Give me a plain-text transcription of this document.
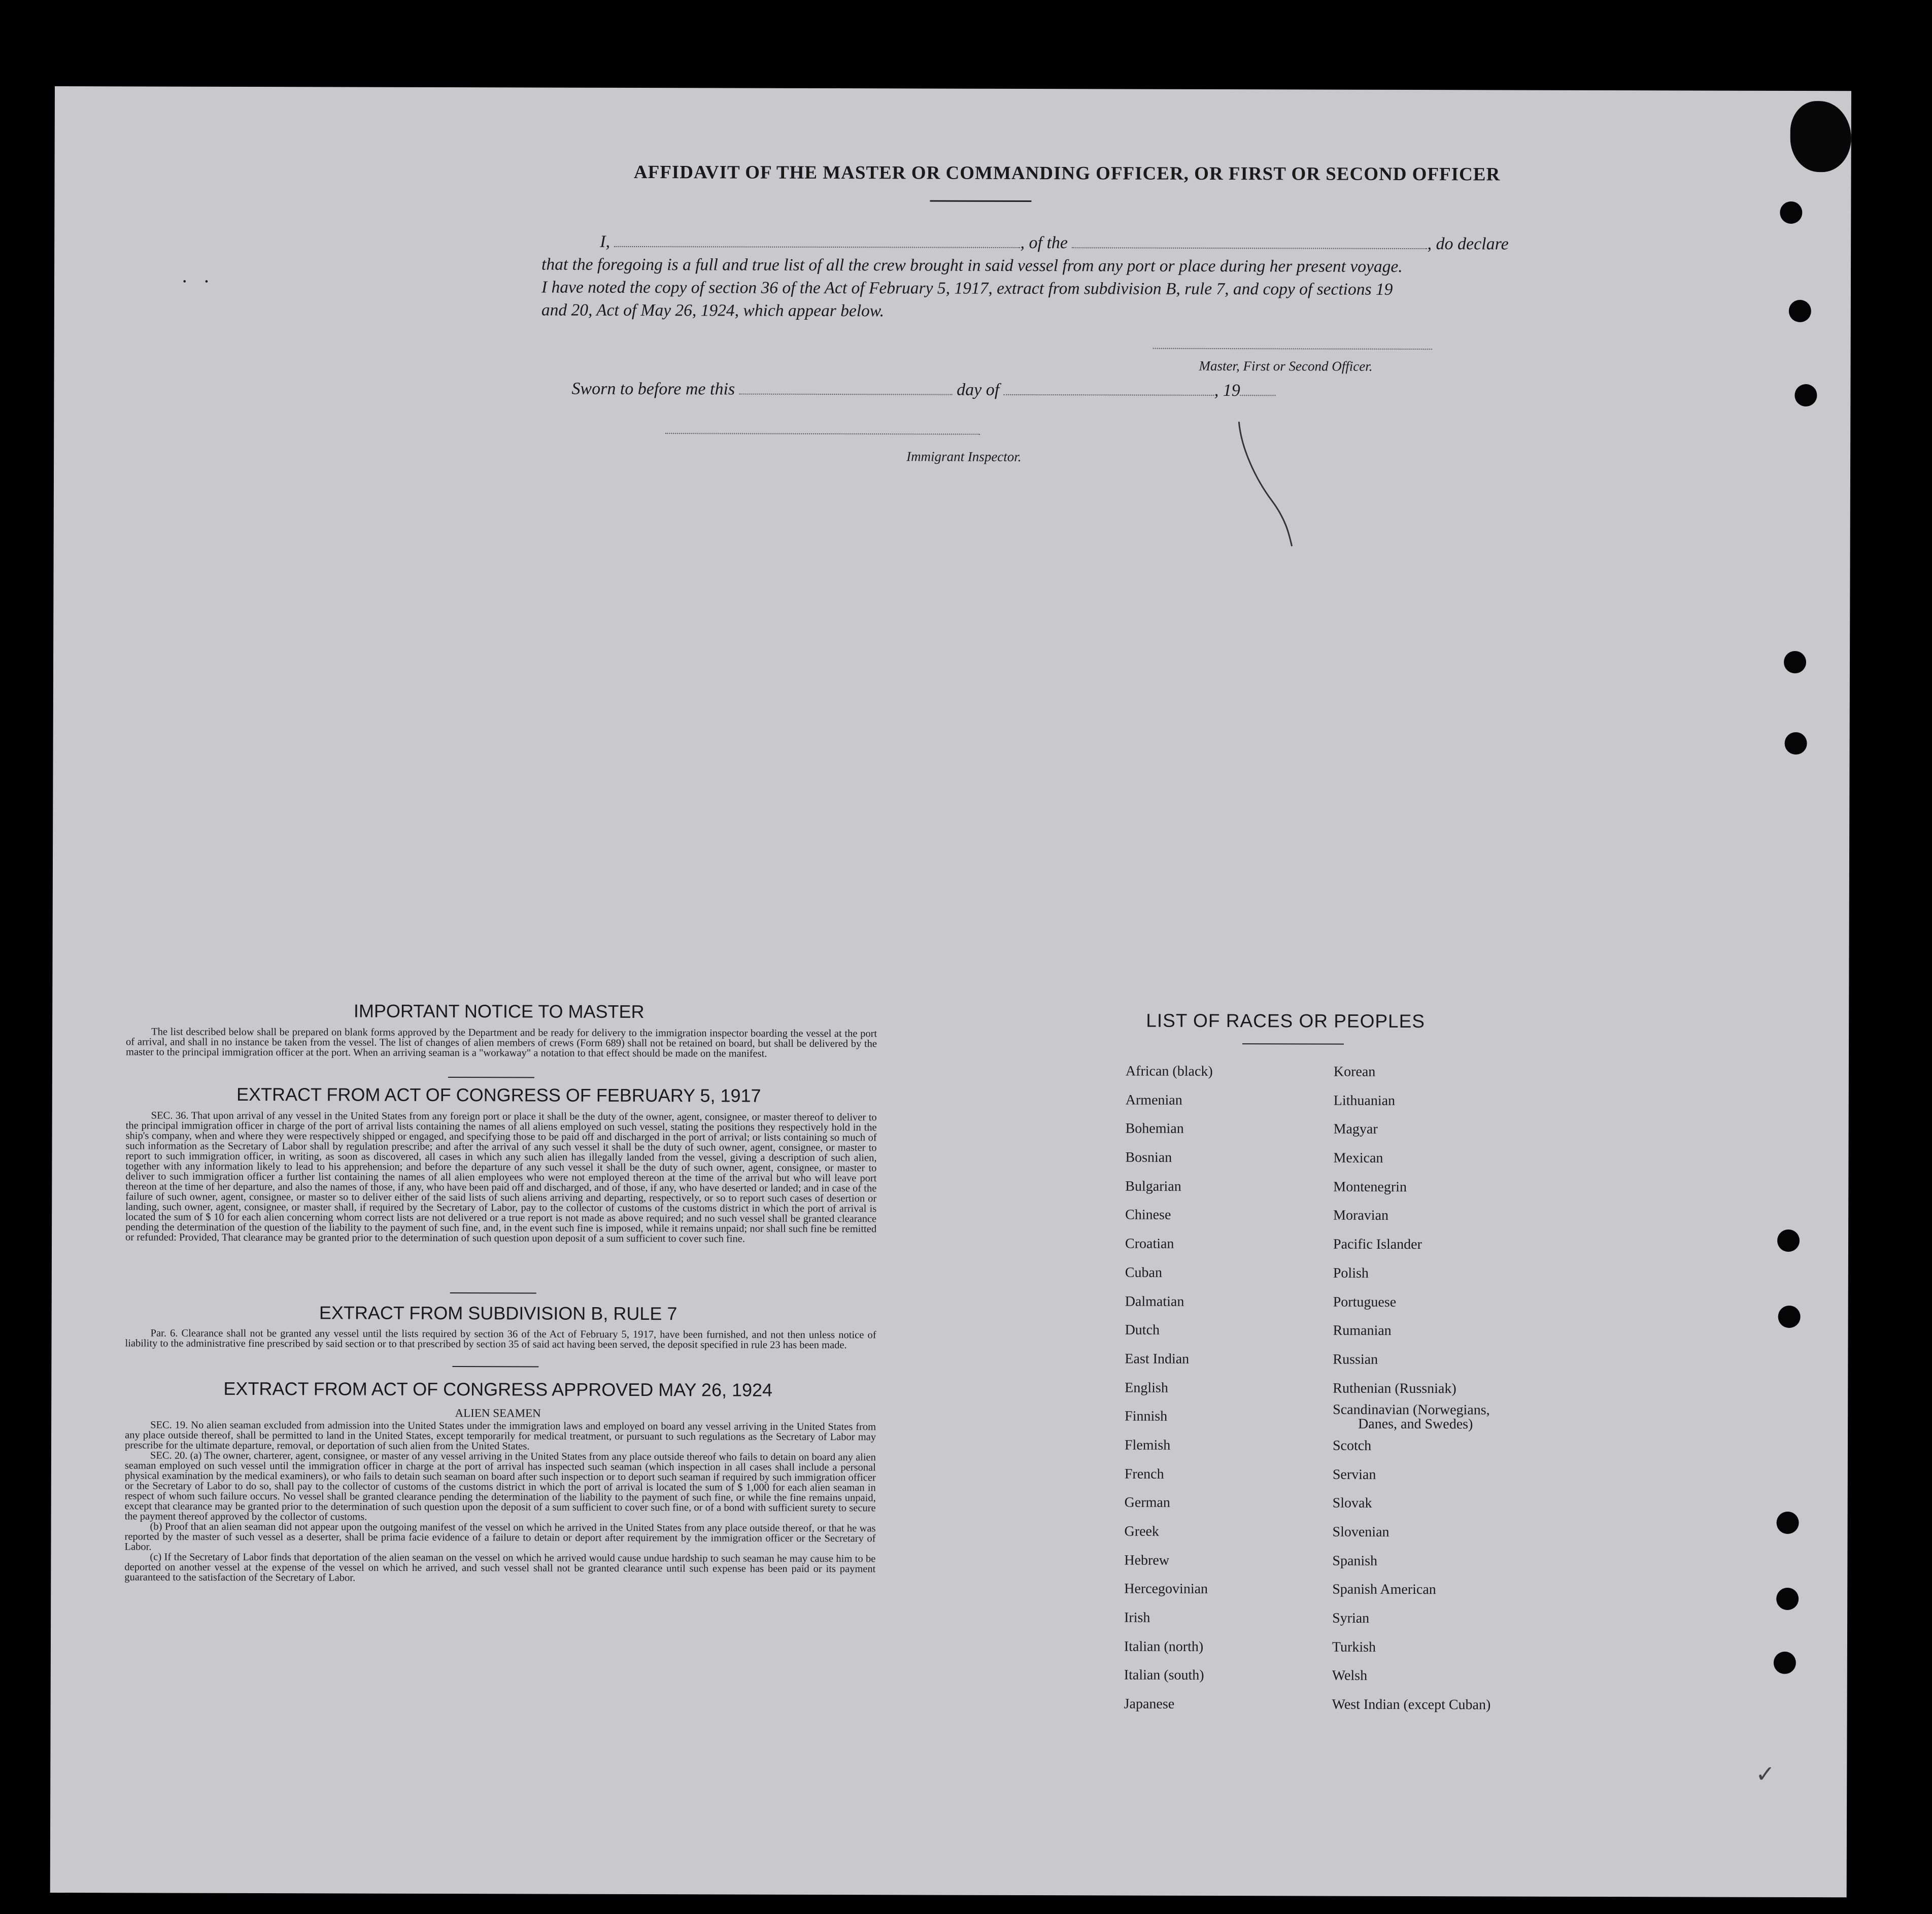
·   ·

AFFIDAVIT OF THE MASTER OR COMMANDING OFFICER, OR FIRST OR SECOND OFFICER
I,	, of the	, do declare
that the foregoing is a full and true list of all the crew brought in said vessel from any port or place during her present voyage.
I have noted the copy of section 36 of the Act of February 5, 1917, extract from subdivision B, rule 7, and copy of sections 19
and 20, Act of May 26, 1924, which appear below.
Master, First or Second Officer.
Sworn to before me this	day of	, 19
Immigrant Inspector.
IMPORTANT NOTICE TO MASTER
The list described below shall be prepared on blank forms approved by the Department and be ready for delivery to the immigration inspector boarding the vessel at the port of arrival, and shall in no instance be taken from the vessel. The list of changes of alien members of crews (Form 689) shall not be retained on board, but shall be delivered by the master to the principal immigration officer at the port. When an arriving seaman is a "workaway" a notation to that effect should be made on the manifest.
EXTRACT FROM ACT OF CONGRESS OF FEBRUARY 5, 1917
SEC. 36. That upon arrival of any vessel in the United States from any foreign port or place it shall be the duty of the owner, agent, consignee, or master thereof to deliver to the principal immigration officer in charge of the port of arrival lists containing the names of all aliens employed on such vessel, stating the positions they respectively hold in the ship's company, when and where they were respectively shipped or engaged, and specifying those to be paid off and discharged in the port of arrival; or lists containing so much of such information as the Secretary of Labor shall by regulation prescribe; and after the arrival of any such vessel it shall be the duty of such owner, agent, consignee, or master to report to such immigration officer, in writing, as soon as discovered, all cases in which any such alien has illegally landed from the vessel, giving a description of such alien, together with any information likely to lead to his apprehension; and before the departure of any such vessel it shall be the duty of such owner, agent, consignee, or master to deliver to such immigration officer a further list containing the names of all alien employees who were not employed thereon at the time of the arrival but who will leave port thereon at the time of her departure, and also the names of those, if any, who have been paid off and discharged, and of those, if any, who have deserted or landed; and in case of the failure of such owner, agent, consignee, or master so to deliver either of the said lists of such aliens arriving and departing, respectively, or so to report such cases of desertion or landing, such owner, agent, consignee, or master shall, if required by the Secretary of Labor, pay to the collector of customs of the customs district in which the port of arrival is located the sum of $ 10 for each alien concerning whom correct lists are not delivered or a true report is not made as above required; and no such vessel shall be granted clearance pending the determination of the question of the liability to the payment of such fine, and, in the event such fine is imposed, while it remains unpaid; nor shall such fine be remitted or refunded: Provided, That clearance may be granted prior to the determination of such question upon deposit of a sum sufficient to cover such fine.
EXTRACT FROM SUBDIVISION B, RULE 7
Par. 6. Clearance shall not be granted any vessel until the lists required by section 36 of the Act of February 5, 1917, have been furnished, and not then unless notice of liability to the administrative fine prescribed by said section or to that prescribed by section 35 of said act having been served, the deposit specified in rule 23 has been made.
EXTRACT FROM ACT OF CONGRESS APPROVED MAY 26, 1924
ALIEN SEAMEN
SEC. 19. No alien seaman excluded from admission into the United States under the immigration laws and employed on board any vessel arriving in the United States from any place outside thereof, shall be permitted to land in the United States, except temporarily for medical treatment, or pursuant to such regulations as the Secretary of Labor may prescribe for the ultimate departure, removal, or deportation of such alien from the United States.
SEC. 20. (a) The owner, charterer, agent, consignee, or master of any vessel arriving in the United States from any place outside thereof who fails to detain on board any alien seaman employed on such vessel until the immigration officer in charge at the port of arrival has inspected such seaman (which inspection in all cases shall include a personal physical examination by the medical examiners), or who fails to detain such seaman on board after such inspection or to deport such seaman if required by such immigration officer or the Secretary of Labor to do so, shall pay to the collector of customs of the customs district in which the port of arrival is located the sum of $ 1,000 for each alien seaman in respect of whom such failure occurs. No vessel shall be granted clearance pending the determination of the liability to the payment of such fine, or while the fine remains unpaid, except that clearance may be granted prior to the determination of such question upon the deposit of a sum sufficient to cover such fine, or of a bond with sufficient surety to secure the payment thereof approved by the collector of customs.
(b) Proof that an alien seaman did not appear upon the outgoing manifest of the vessel on which he arrived in the United States from any place outside thereof, or that he was reported by the master of such vessel as a deserter, shall be prima facie evidence of a failure to detain or deport after requirement by the immigration officer or the Secretary of Labor.
(c) If the Secretary of Labor finds that deportation of the alien seaman on the vessel on which he arrived would cause undue hardship to such seaman he may cause him to be deported on another vessel at the expense of the vessel on which he arrived, and such vessel shall not be granted clearance until such expense has been paid or its payment guaranteed to the satisfaction of the Secretary of Labor.
LIST OF RACES OR PEOPLES
African (black)
Armenian
Bohemian
Bosnian
Bulgarian
Chinese
Croatian
Cuban
Dalmatian
Dutch
East Indian
English
Finnish
Flemish
French
German
Greek
Hebrew
Hercegovinian
Irish
Italian (north)
Italian (south)
Japanese
Korean
Lithuanian
Magyar
Mexican
Montenegrin
Moravian
Pacific Islander
Polish
Portuguese
Rumanian
Russian
Ruthenian (Russniak)
Scandinavian (Norwegians,
Danes, and Swedes)
Scotch
Servian
Slovak
Slovenian
Spanish
Spanish American
Syrian
Turkish
Welsh
West Indian (except Cuban)
✓
